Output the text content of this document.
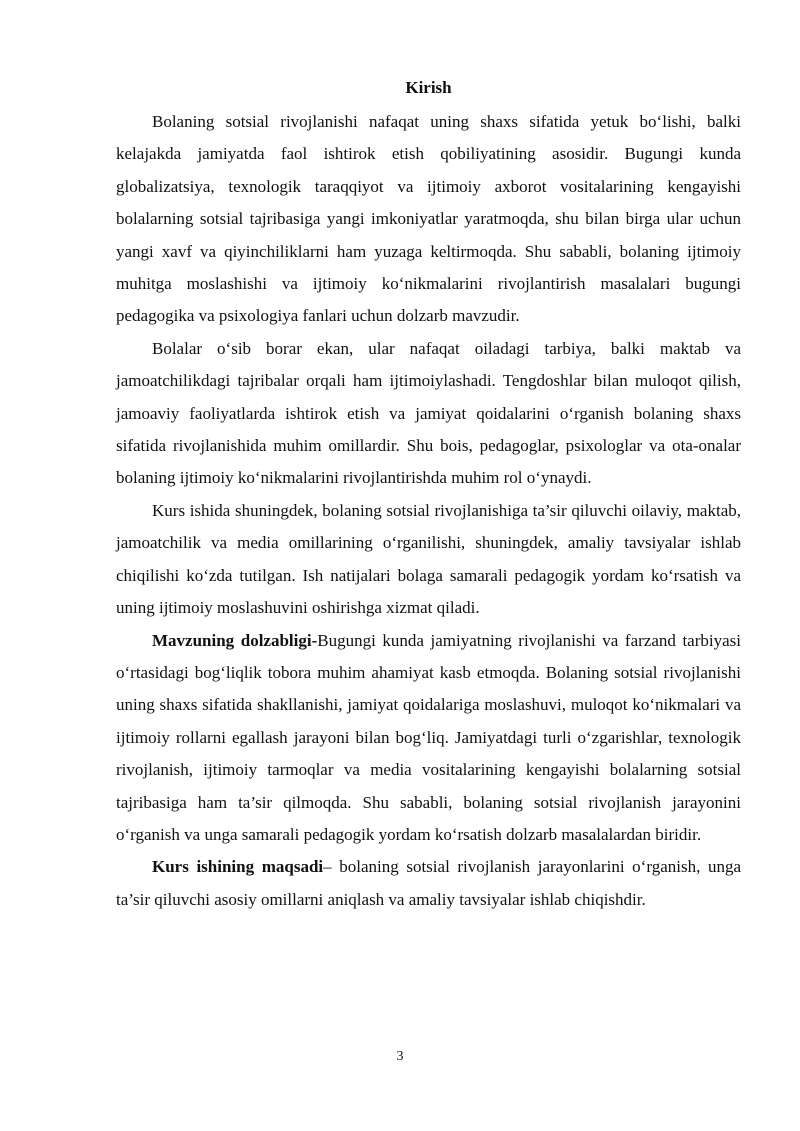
Kirish

Bolaning sotsial rivojlanishi nafaqat uning shaxs sifatida yetuk bo‘lishi, balki kelajakda jamiyatda faol ishtirok etish qobiliyatining asosidir. Bugungi kunda globalizatsiya, texnologik taraqqiyot va ijtimoiy axborot vositalarining kengayishi bolalarning sotsial tajribasiga yangi imkoniyatlar yaratmoqda, shu bilan birga ular uchun yangi xavf va qiyinchiliklarni ham yuzaga keltirmoqda. Shu sababli, bolaning ijtimoiy muhitga moslashishi va ijtimoiy ko‘nikmalarini rivojlantirish masalalari bugungi pedagogika va psixologiya fanlari uchun dolzarb mavzudir.

Bolalar o‘sib borar ekan, ular nafaqat oiladagi tarbiya, balki maktab va jamoatchilikdagi tajribalar orqali ham ijtimoiylashadi. Tengdoshlar bilan muloqot qilish, jamoaviy faoliyatlarda ishtirok etish va jamiyat qoidalarini o‘rganish bolaning shaxs sifatida rivojlanishida muhim omillardir. Shu bois, pedagoglar, psixologlar va ota-onalar bolaning ijtimoiy ko‘nikmalarini rivojlantirishda muhim rol o‘ynaydi.

Kurs ishida shuningdek, bolaning sotsial rivojlanishiga ta’sir qiluvchi oilaviy, maktab, jamoatchilik va media omillarining o‘rganilishi, shuningdek, amaliy tavsiyalar ishlab chiqilishi ko‘zda tutilgan. Ish natijalari bolaga samarali pedagogik yordam ko‘rsatish va uning ijtimoiy moslashuvini oshirishga xizmat qiladi.

Mavzuning dolzabligi-Bugungi kunda jamiyatning rivojlanishi va farzand tarbiyasi o‘rtasidagi bog‘liqlik tobora muhim ahamiyat kasb etmoqda. Bolaning sotsial rivojlanishi uning shaxs sifatida shakllanishi, jamiyat qoidalariga moslashuvi, muloqot ko‘nikmalari va ijtimoiy rollarni egallash jarayoni bilan bog‘liq. Jamiyatdagi turli o‘zgarishlar, texnologik rivojlanish, ijtimoiy tarmoqlar va media vositalarining kengayishi bolalarning sotsial tajribasiga ham ta’sir qilmoqda. Shu sababli, bolaning sotsial rivojlanish jarayonini o‘rganish va unga samarali pedagogik yordam ko‘rsatish dolzarb masalalardan biridir.

Kurs ishining maqsadi– bolaning sotsial rivojlanish jarayonlarini o‘rganish, unga ta’sir qiluvchi asosiy omillarni aniqlash va amaliy tavsiyalar ishlab chiqishdir.

3
